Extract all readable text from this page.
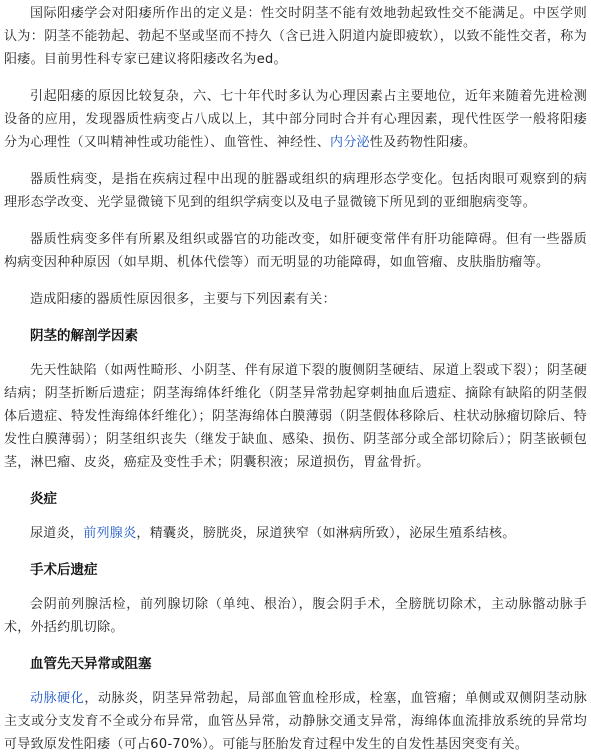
国际阳痿学会对阳痿所作出的定义是：性交时阴茎不能有效地勃起致性交不能满足。中医学则认为：阴茎不能勃起、勃起不坚或坚而不持久（含已进入阴道内旋即疲软），以致不能性交者，称为阳痿。目前男性科专家已建议将阳痿改名为ed。

引起阳痿的原因比较复杂，六、七十年代时多认为心理因素占主要地位，近年来随着先进检测设备的应用，发现器质性病变占八成以上，其中部分同时合并有心理因素，现代性医学一般将阳痿分为心理性（又叫精神性或功能性）、血管性、神经性、内分泌性及药物性阳痿。

器质性病变，是指在疾病过程中出现的脏器或组织的病理形态学变化。包括肉眼可观察到的病理形态学改变、光学显微镜下见到的组织学病变以及电子显微镜下所见到的亚细胞病变等。

器质性病变多伴有所累及组织或器官的功能改变，如肝硬变常伴有肝功能障碍。但有一些器质构病变因种种原因（如早期、机体代偿等）而无明显的功能障碍，如血管瘤、皮肤脂肪瘤等。

造成阳痿的器质性原因很多，主要与下列因素有关：

阴茎的解剖学因素

先天性缺陷（如两性畸形、小阴茎、伴有尿道下裂的腹侧阴茎硬结、尿道上裂或下裂）；阴茎硬结病；阴茎折断后遗症；阴茎海绵体纤维化（阴茎异常勃起穿刺抽血后遗症、摘除有缺陷的阴茎假体后遗症、特发性海绵体纤维化）；阴茎海绵体白膜薄弱（阴茎假体移除后、柱状动脉瘤切除后、特发性白膜薄弱）；阴茎组织丧失（继发于缺血、感染、损伤、阴茎部分或全部切除后）；阴茎嵌顿包茎，淋巴瘤、皮炎，癌症及变性手术；阴囊积液；尿道损伤，胃盆骨折。

炎症

尿道炎，前列腺炎，精囊炎，膀胱炎，尿道狭窄（如淋病所致），泌尿生殖系结核。

手术后遗症

会阴前列腺活检，前列腺切除（单纯、根治），腹会阴手术，全膀胱切除术，主动脉髂动脉手术，外括约肌切除。

血管先天异常或阻塞

动脉硬化，动脉炎，阴茎异常勃起，局部血管血栓形成，栓塞，血管瘤；单侧或双侧阴茎动脉主支或分支发育不全或分布异常，血管丛异常，动静脉交通支异常，海绵体血流排放系统的异常均可导致原发性阳痿（可占60-70%）。可能与胚胎发育过程中发生的自发性基因突变有关。
